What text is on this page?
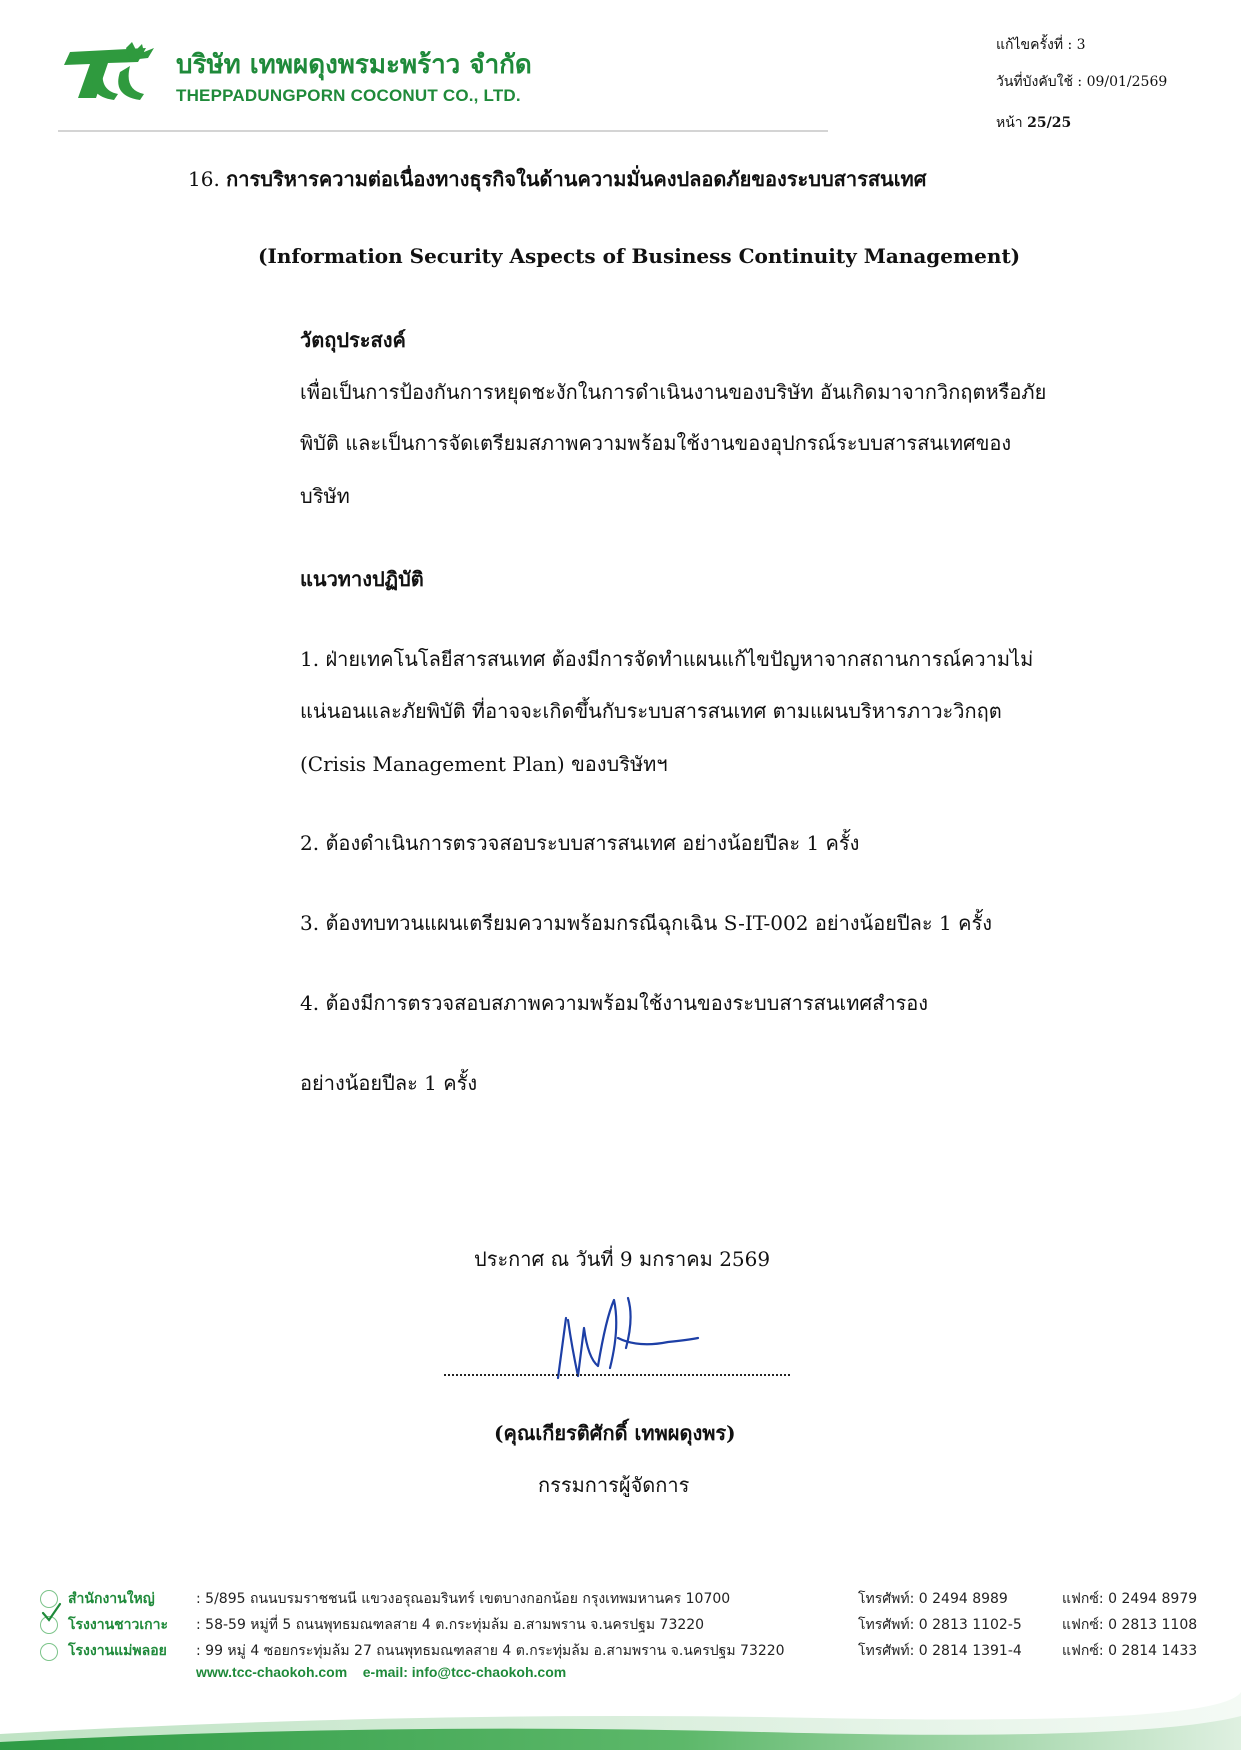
บริษัท เทพผดุงพรมะพร้าว จำกัด
THEPPADUNGPORN COCONUT CO., LTD.
แก้ไขครั้งที่ : 3
วันที่บังคับใช้ : 09/01/2569
หน้า 25/25
16. การบริหารความต่อเนื่องทางธุรกิจในด้านความมั่นคงปลอดภัยของระบบสารสนเทศ
(Information Security Aspects of Business Continuity Management)
วัตถุประสงค์
เพื่อเป็นการป้องกันการหยุดชะงักในการดำเนินงานของบริษัท อันเกิดมาจากวิกฤตหรือภัย
พิบัติ และเป็นการจัดเตรียมสภาพความพร้อมใช้งานของอุปกรณ์ระบบสารสนเทศของ
บริษัท
แนวทางปฏิบัติ
1. ฝ่ายเทคโนโลยีสารสนเทศ ต้องมีการจัดทำแผนแก้ไขปัญหาจากสถานการณ์ความไม่
แน่นอนและภัยพิบัติ ที่อาจจะเกิดขึ้นกับระบบสารสนเทศ ตามแผนบริหารภาวะวิกฤต
(Crisis Management Plan) ของบริษัทฯ
2. ต้องดำเนินการตรวจสอบระบบสารสนเทศ อย่างน้อยปีละ 1 ครั้ง
3. ต้องทบทวนแผนเตรียมความพร้อมกรณีฉุกเฉิน S-IT-002 อย่างน้อยปีละ 1 ครั้ง
4. ต้องมีการตรวจสอบสภาพความพร้อมใช้งานของระบบสารสนเทศสำรอง
อย่างน้อยปีละ 1 ครั้ง
ประกาศ ณ วันที่ 9 มกราคม 2569
(คุณเกียรติศักดิ์ เทพผดุงพร)
กรรมการผู้จัดการ
สำนักงานใหญ่	: 5/895 ถนนบรมราชชนนี แขวงอรุณอมรินทร์ เขตบางกอกน้อย กรุงเทพมหานคร 10700	โทรศัพท์: 0 2494 8989	แฟกซ์: 0 2494 8979
โรงงานชาวเกาะ : 58-59 หมู่ที่ 5 ถนนพุทธมณฑลสาย 4 ต.กระทุ่มล้ม อ.สามพราน จ.นครปฐม 73220	โทรศัพท์: 0 2813 1102-5	แฟกซ์: 0 2813 1108
โรงงานแม่พลอย : 99 หมู่ 4 ซอยกระทุ่มล้ม 27 ถนนพุทธมณฑลสาย 4 ต.กระทุ่มล้ม อ.สามพราน จ.นครปฐม 73220	โทรศัพท์: 0 2814 1391-4	แฟกซ์: 0 2814 1433
www.tcc-chaokoh.com e-mail: info@tcc-chaokoh.com
